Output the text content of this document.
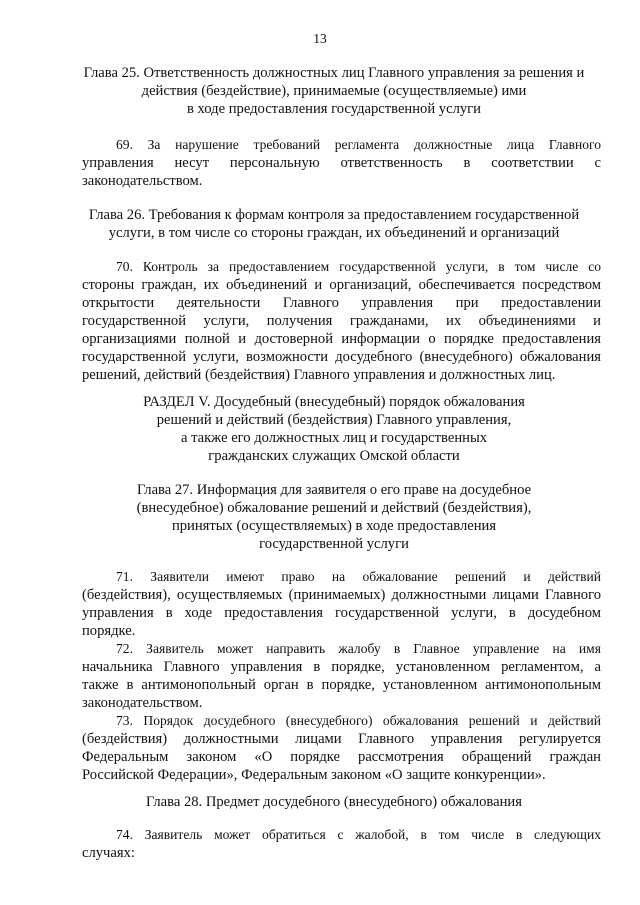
13
Глава 25. Ответственность должностных лиц Главного управления за решения и
действия (бездействие), принимаемые (осуществляемые) ими
в ходе предоставления государственной услуги
69. За нарушение требований регламента должностные лица Главного
управления несут персональную ответственность в соответствии с
законодательством.
Глава 26. Требования к формам контроля за предоставлением государственной
услуги, в том числе со стороны граждан, их объединений и организаций
70. Контроль за предоставлением государственной услуги, в том числе со
стороны граждан, их объединений и организаций, обеспечивается посредством
открытости деятельности Главного управления при предоставлении
государственной услуги, получения гражданами, их объединениями и
организациями полной и достоверной информации о порядке предоставления
государственной услуги, возможности досудебного (внесудебного) обжалования
решений, действий (бездействия) Главного управления и должностных лиц.
РАЗДЕЛ V. Досудебный (внесудебный) порядок обжалования
решений и действий (бездействия) Главного управления,
а также его должностных лиц и государственных
гражданских служащих Омской области
Глава 27. Информация для заявителя о его праве на досудебное
(внесудебное) обжалование решений и действий (бездействия),
принятых (осуществляемых) в ходе предоставления
государственной услуги
71. Заявители имеют право на обжалование решений и действий
(бездействия), осуществляемых (принимаемых) должностными лицами Главного
управления в ходе предоставления государственной услуги, в досудебном
порядке.
72. Заявитель может направить жалобу в Главное управление на имя
начальника Главного управления в порядке, установленном регламентом, а
также в антимонопольный орган в порядке, установленном антимонопольным
законодательством.
73. Порядок досудебного (внесудебного) обжалования решений и действий
(бездействия) должностными лицами Главного управления регулируется
Федеральным законом «О порядке рассмотрения обращений граждан
Российской Федерации», Федеральным законом «О защите конкуренции».
Глава 28. Предмет досудебного (внесудебного) обжалования
74. Заявитель может обратиться с жалобой, в том числе в следующих
случаях:
